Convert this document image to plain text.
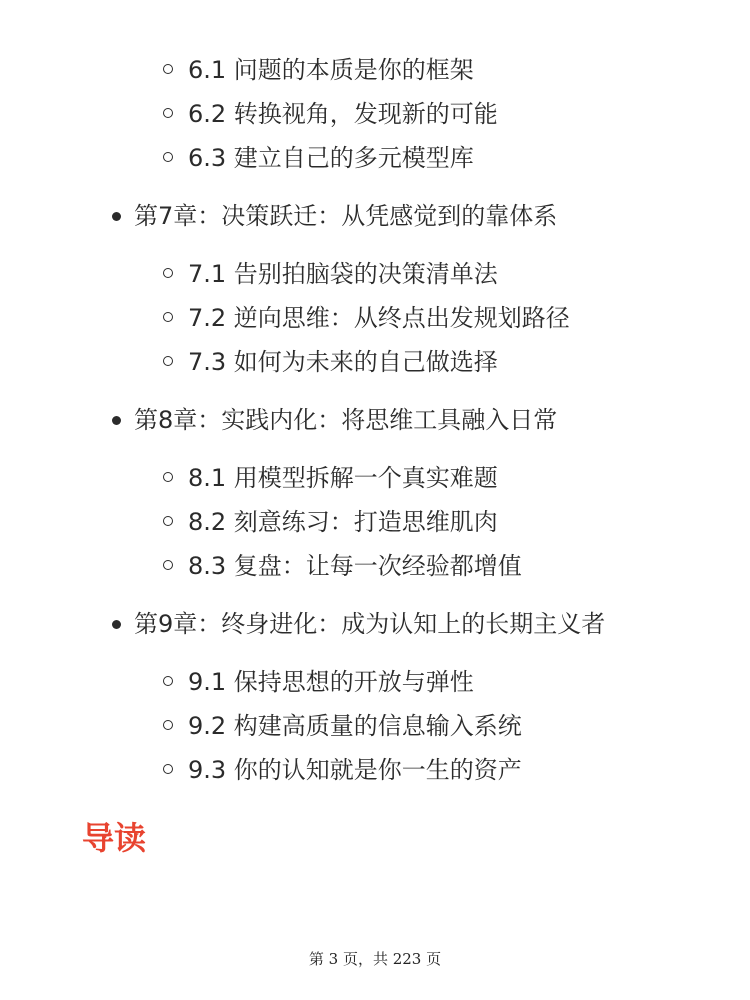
6.1 问题的本质是你的框架
6.2 转换视角，发现新的可能
6.3 建立自己的多元模型库
第7章：决策跃迁：从凭感觉到的靠体系
7.1 告别拍脑袋的决策清单法
7.2 逆向思维：从终点出发规划路径
7.3 如何为未来的自己做选择
第8章：实践内化：将思维工具融入日常
8.1 用模型拆解一个真实难题
8.2 刻意练习：打造思维肌肉
8.3 复盘：让每一次经验都增值
第9章：终身进化：成为认知上的长期主义者
9.1 保持思想的开放与弹性
9.2 构建高质量的信息输入系统
9.3 你的认知就是你一生的资产
导读
第 3 页，共 223 页
